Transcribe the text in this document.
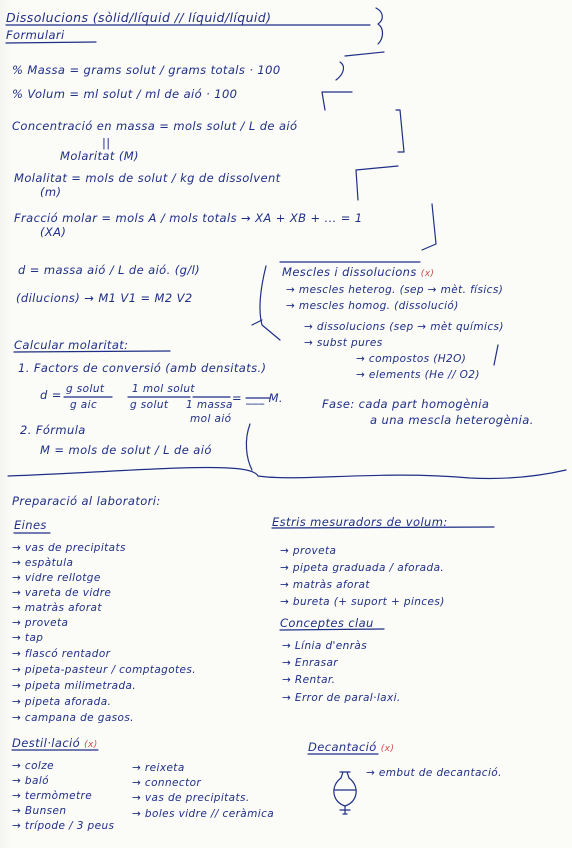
Dissolucions (sòlid/líquid // líquid/líquid)
Formulari
% Massa = grams solut / grams totals · 100
% Volum = ml solut / ml de aió · 100
Concentració en massa = mols solut / L de aió
||
Molaritat (M)
Molalitat = mols de solut / kg de dissolvent
(m)
Fracció molar = mols A / mols totals → XA + XB + ... = 1
(XA)
d = massa aió / L de aió. (g/l)
(dilucions) → M1 V1 = M2 V2
Mescles i dissolucions (x)
→ mescles heterog. (sep → mèt. físics)
→ mescles homog. (dissolució)
→ dissolucions (sep → mèt químics)
→ subst pures
→ compostos (H2O)
→ elements (He // O2)
Calcular molaritat:
1. Factors de conversió (amb densitats.)
d = g solut
g aic
1 mol solut
g solut 1 massa
mol aió
= ___ M.
2. Fórmula
M = mols de solut / L de aió
Fase: cada part homogènia
a una mescla heterogènia.
Preparació al laboratori:
Eines
→ vas de precipitats
→ espàtula
→ vidre rellotge
→ vareta de vidre
→ matràs aforat
→ proveta
→ tap
→ flascó rentador
→ pipeta-pasteur / comptagotes.
→ pipeta milimetrada.
→ pipeta aforada.
→ campana de gasos.
Estris mesuradors de volum:
→ proveta
→ pipeta graduada / aforada.
→ matràs aforat
→ bureta (+ suport + pinces)
Conceptes clau
→ Línia d'enràs
→ Enrasar
→ Rentar.
→ Error de paral·laxi.
Destil·lació (x)
→ colze
→ baló
→ termòmetre
→ Bunsen
→ trípode / 3 peus
→ reixeta
→ connector
→ vas de precipitats.
→ boles vidre // ceràmica
Decantació (x)
→ embut de decantació.
